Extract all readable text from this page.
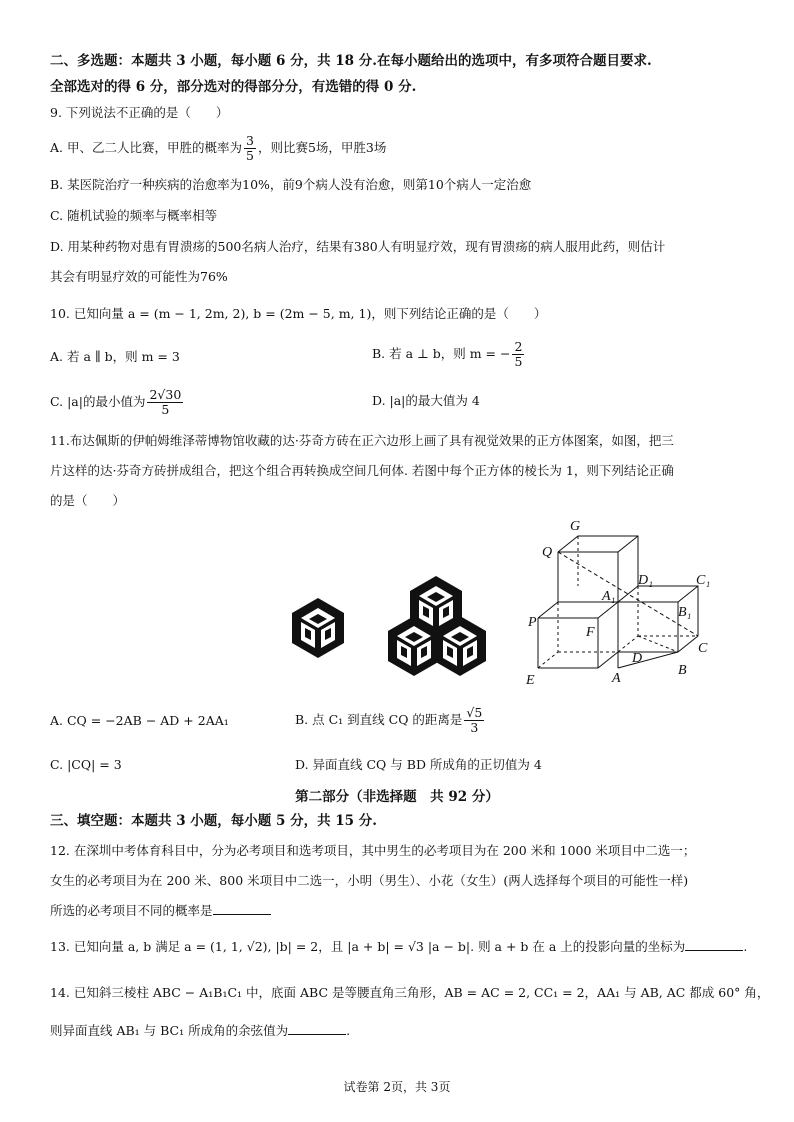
二、多选题：本题共 3 小题，每小题 6 分，共 18 分.在每小题给出的选项中，有多项符合题目要求.
全部选对的得 6 分，部分选对的得部分分，有选错的得 0 分.
9. 下列说法不正确的是（　　）
A. 甲、乙二人比赛，甲胜的概率为 $\frac{3}{5}$ ，则比赛5场，甲胜3场
B. 某医院治疗一种疾病的治愈率为10%，前9个病人没有治愈，则第10个病人一定治愈
C. 随机试验的频率与概率相等
D. 用某种药物对患有胃溃疡的500名病人治疗，结果有380人有明显疗效，现有胃溃疡的病人服用此药，则估计
其会有明显疗效的可能性为76%
10. 已知向量 a = (m − 1, 2m, 2), b = (2m − 5, m, 1)，则下列结论正确的是（　　）
A. 若 a ∥ b，则 m = 3	B. 若 a ⊥ b，则 m = − $\frac{2}{5}$
C. |a|的最小值为 $\frac{2√30}{5}$	D. |a|的最大值为 4
11.布达佩斯的伊帕姆维泽蒂博物馆收藏的达·芬奇方砖在正六边形上画了具有视觉效果的正方体图案，如图，把三
片这样的达·芬奇方砖拼成组合，把这个组合再转换成空间几何体. 若图中每个正方体的棱长为 1，则下列结论正确
的是（　　）
G
Q
D₁	C₁
A₁
B₁
P
F
D
C
E	A
B
A. CQ = −2AB − AD + 2AA₁	B. 点 C₁ 到直线 CQ 的距离是 $\frac{√5}{3}$
C. |CQ| = 3	D. 异面直线 CQ 与 BD 所成角的正切值为 4
第二部分（非选择题　共 92 分）
三、填空题：本题共 3 小题，每小题 5 分，共 15 分.
12. 在深圳中考体育科目中，分为必考项目和选考项目，其中男生的必考项目为在 200 米和 1000 米项目中二选一；
女生的必考项目为在 200 米、800 米项目中二选一，小明（男生）、小花（女生）(两人选择每个项目的可能性一样)
所选的必考项目不同的概率是
13. 已知向量 a, b 满足 a = (1, 1, √2), |b| = 2，且 |a + b| = √3 |a − b|. 则 a + b 在 a 上的投影向量的坐标为	.
14. 已知斜三棱柱 ABC − A₁B₁C₁ 中，底面 ABC 是等腰直角三角形，AB = AC = 2, CC₁ = 2，AA₁ 与 AB, AC 都成 60° 角，
则异面直线 AB₁ 与 BC₁ 所成角的余弦值为	.
试卷第 2页，共 3页
